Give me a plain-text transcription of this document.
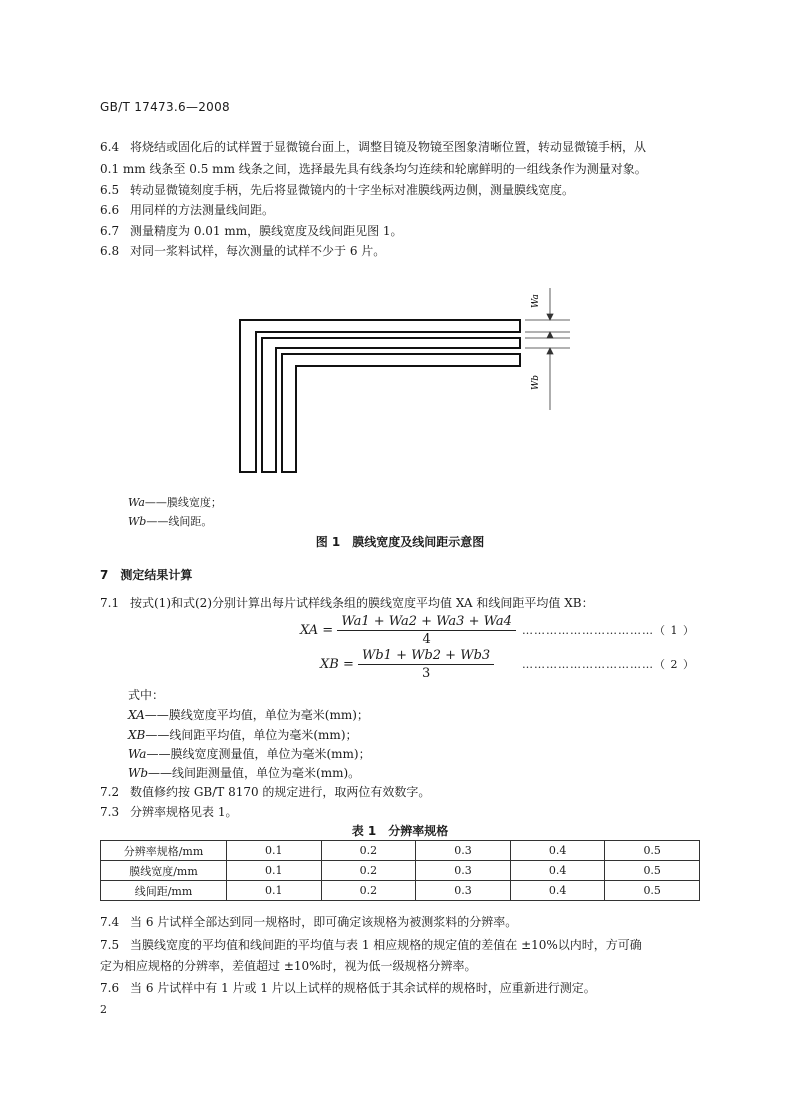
GB/T 17473.6—2008
6.4 将烧结或固化后的试样置于显微镜台面上，调整目镜及物镜至图象清晰位置，转动显微镜手柄，从
0.1 mm 线条至 0.5 mm 线条之间，选择最先具有线条均匀连续和轮廓鲜明的一组线条作为测量对象。
6.5 转动显微镜刻度手柄，先后将显微镜内的十字坐标对准膜线两边侧，测量膜线宽度。
6.6 用同样的方法测量线间距。
6.7 测量精度为 0.01 mm，膜线宽度及线间距见图 1。
6.8 对同一浆料试样，每次测量的试样不少于 6 片。
Wa
Wb
Wa——膜线宽度；
Wb——线间距。
图 1　膜线宽度及线间距示意图
7　测定结果计算
7.1 按式(1)和式(2)分别计算出每片试样线条组的膜线宽度平均值 XA 和线间距平均值 XB：
XA = $\frac{Wa1 + Wa2 + Wa3 + Wa4}{4}$ ……………………………（ 1 ）
XB = $\frac{Wb1 + Wb2 + Wb3}{3}$	……………………………（ 2 ）
式中：
XA——膜线宽度平均值，单位为毫米(mm)；
XB——线间距平均值，单位为毫米(mm)；
Wa——膜线宽度测量值，单位为毫米(mm)；
Wb——线间距测量值，单位为毫米(mm)。
7.2 数值修约按 GB/T 8170 的规定进行，取两位有效数字。
7.3 分辨率规格见表 1。
表 1　分辨率规格
分辨率规格/mm	0.1	0.2	0.3	0.4	0.5
膜线宽度/mm	0.1	0.2	0.3	0.4	0.5
线间距/mm	0.1	0.2	0.3	0.4	0.5
7.4 当 6 片试样全部达到同一规格时，即可确定该规格为被测浆料的分辨率。
7.5 当膜线宽度的平均值和线间距的平均值与表 1 相应规格的规定值的差值在 ±10%以内时，方可确
定为相应规格的分辨率，差值超过 ±10%时，视为低一级规格分辨率。
7.6 当 6 片试样中有 1 片或 1 片以上试样的规格低于其余试样的规格时，应重新进行测定。
2
